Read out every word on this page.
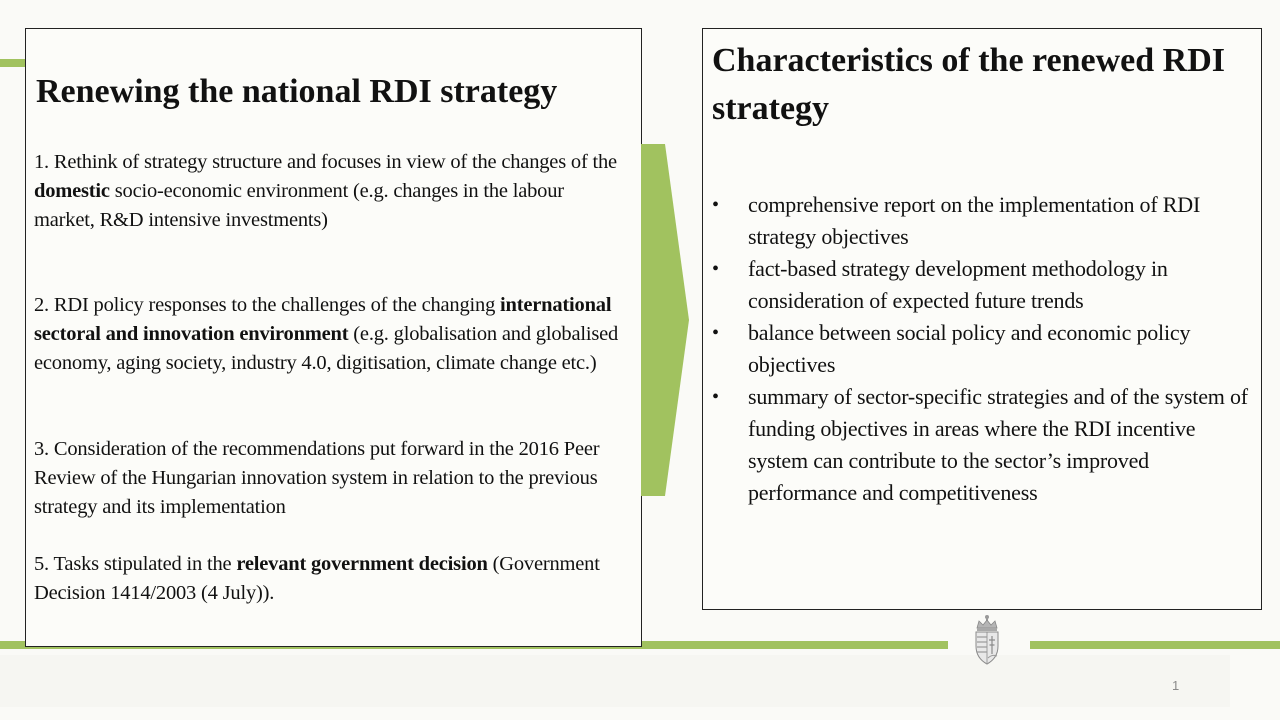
Renewing the national RDI strategy

1. Rethink of strategy structure and focuses in view of the changes of the domestic socio-economic environment (e.g. changes in the labour market, R&D intensive investments)

2. RDI policy responses to the challenges of the changing international sectoral and innovation environment (e.g. globalisation and globalised economy, aging society, industry 4.0, digitisation, climate change etc.)

3. Consideration of the recommendations put forward in the 2016 Peer Review of the Hungarian innovation system in relation to the previous strategy and its implementation

5. Tasks stipulated in the relevant government decision (Government Decision 1414/2003 (4 July)).

Characteristics of the renewed RDI strategy
• comprehensive report on the implementation of RDI strategy objectives
• fact-based strategy development methodology in consideration of expected future trends
• balance between social policy and economic policy objectives
• summary of sector-specific strategies and of the system of funding objectives in areas where the RDI incentive system can contribute to the sector’s improved performance and competitiveness
1
